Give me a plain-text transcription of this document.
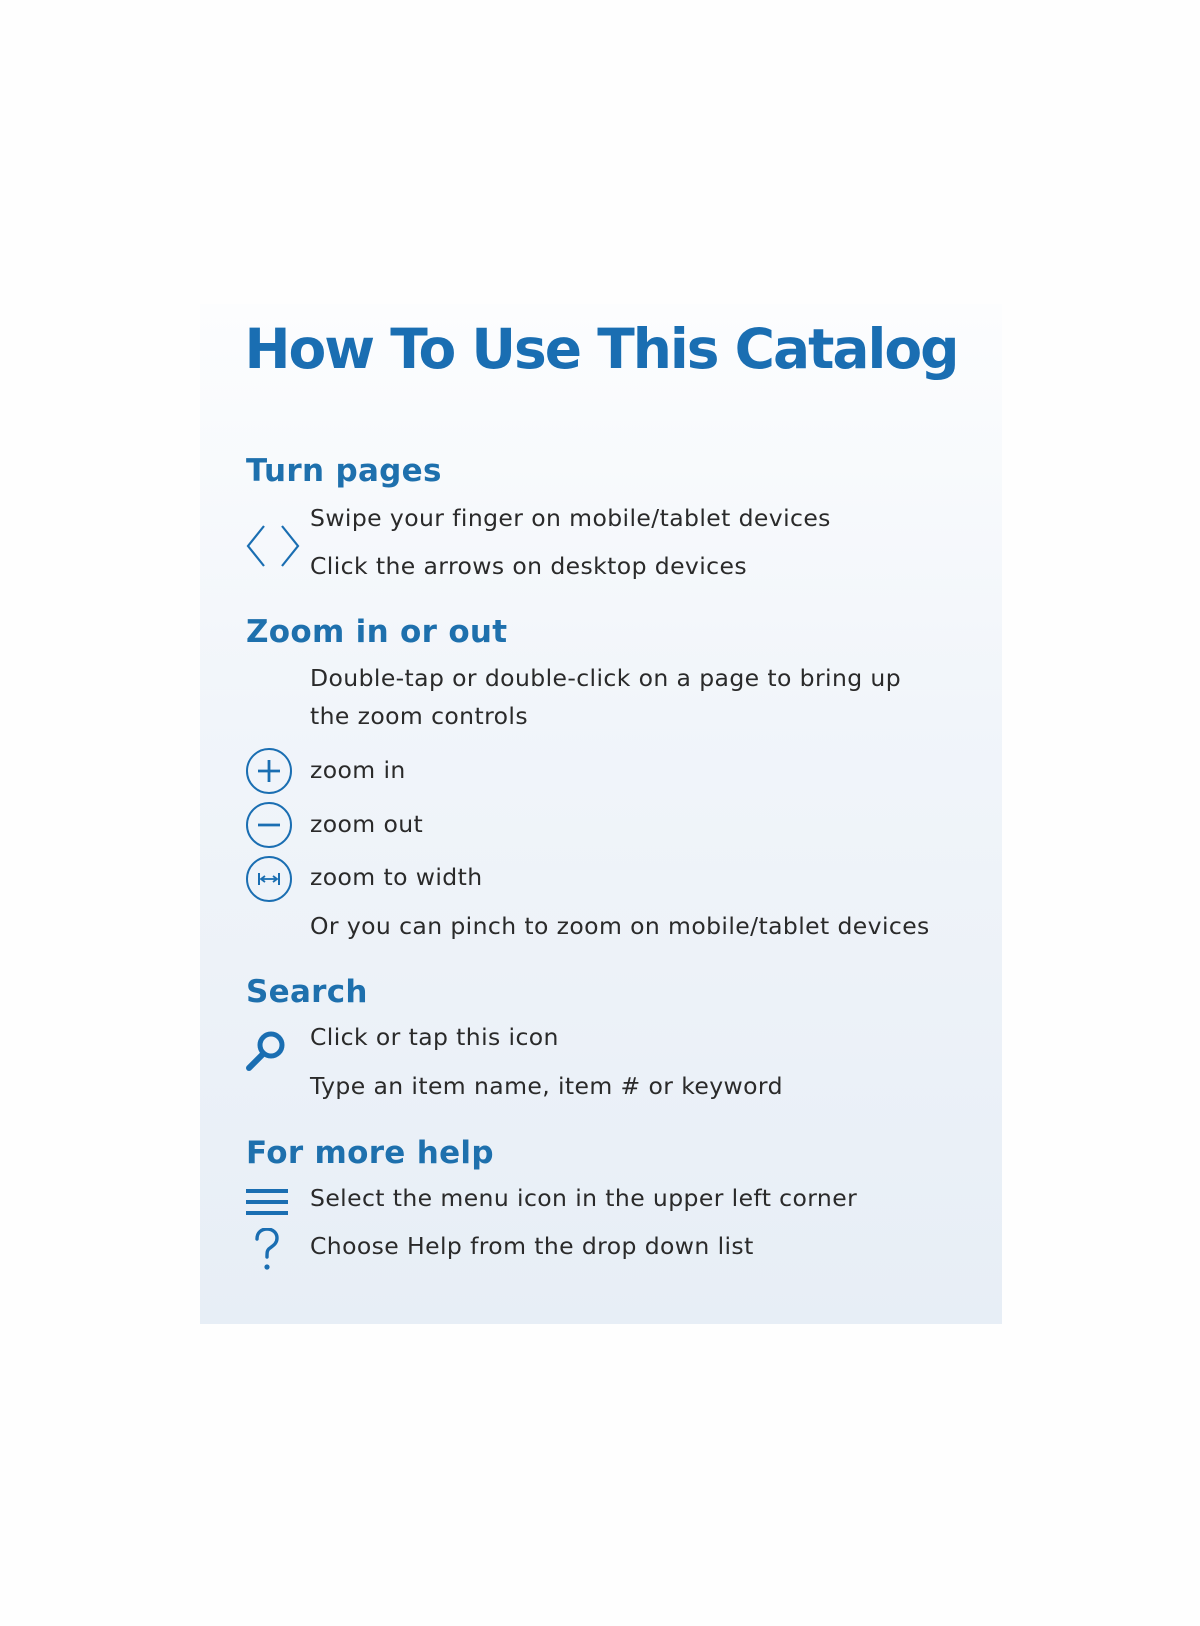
How To Use This Catalog
Turn pages
Swipe your finger on mobile/tablet devices
Click the arrows on desktop devices
Zoom in or out
Double-tap or double-click on a page to bring up
the zoom controls
zoom in
zoom out
zoom to width
Or you can pinch to zoom on mobile/tablet devices
Search
Click or tap this icon
Type an item name, item # or keyword
For more help
Select the menu icon in the upper left corner
Choose Help from the drop down list
